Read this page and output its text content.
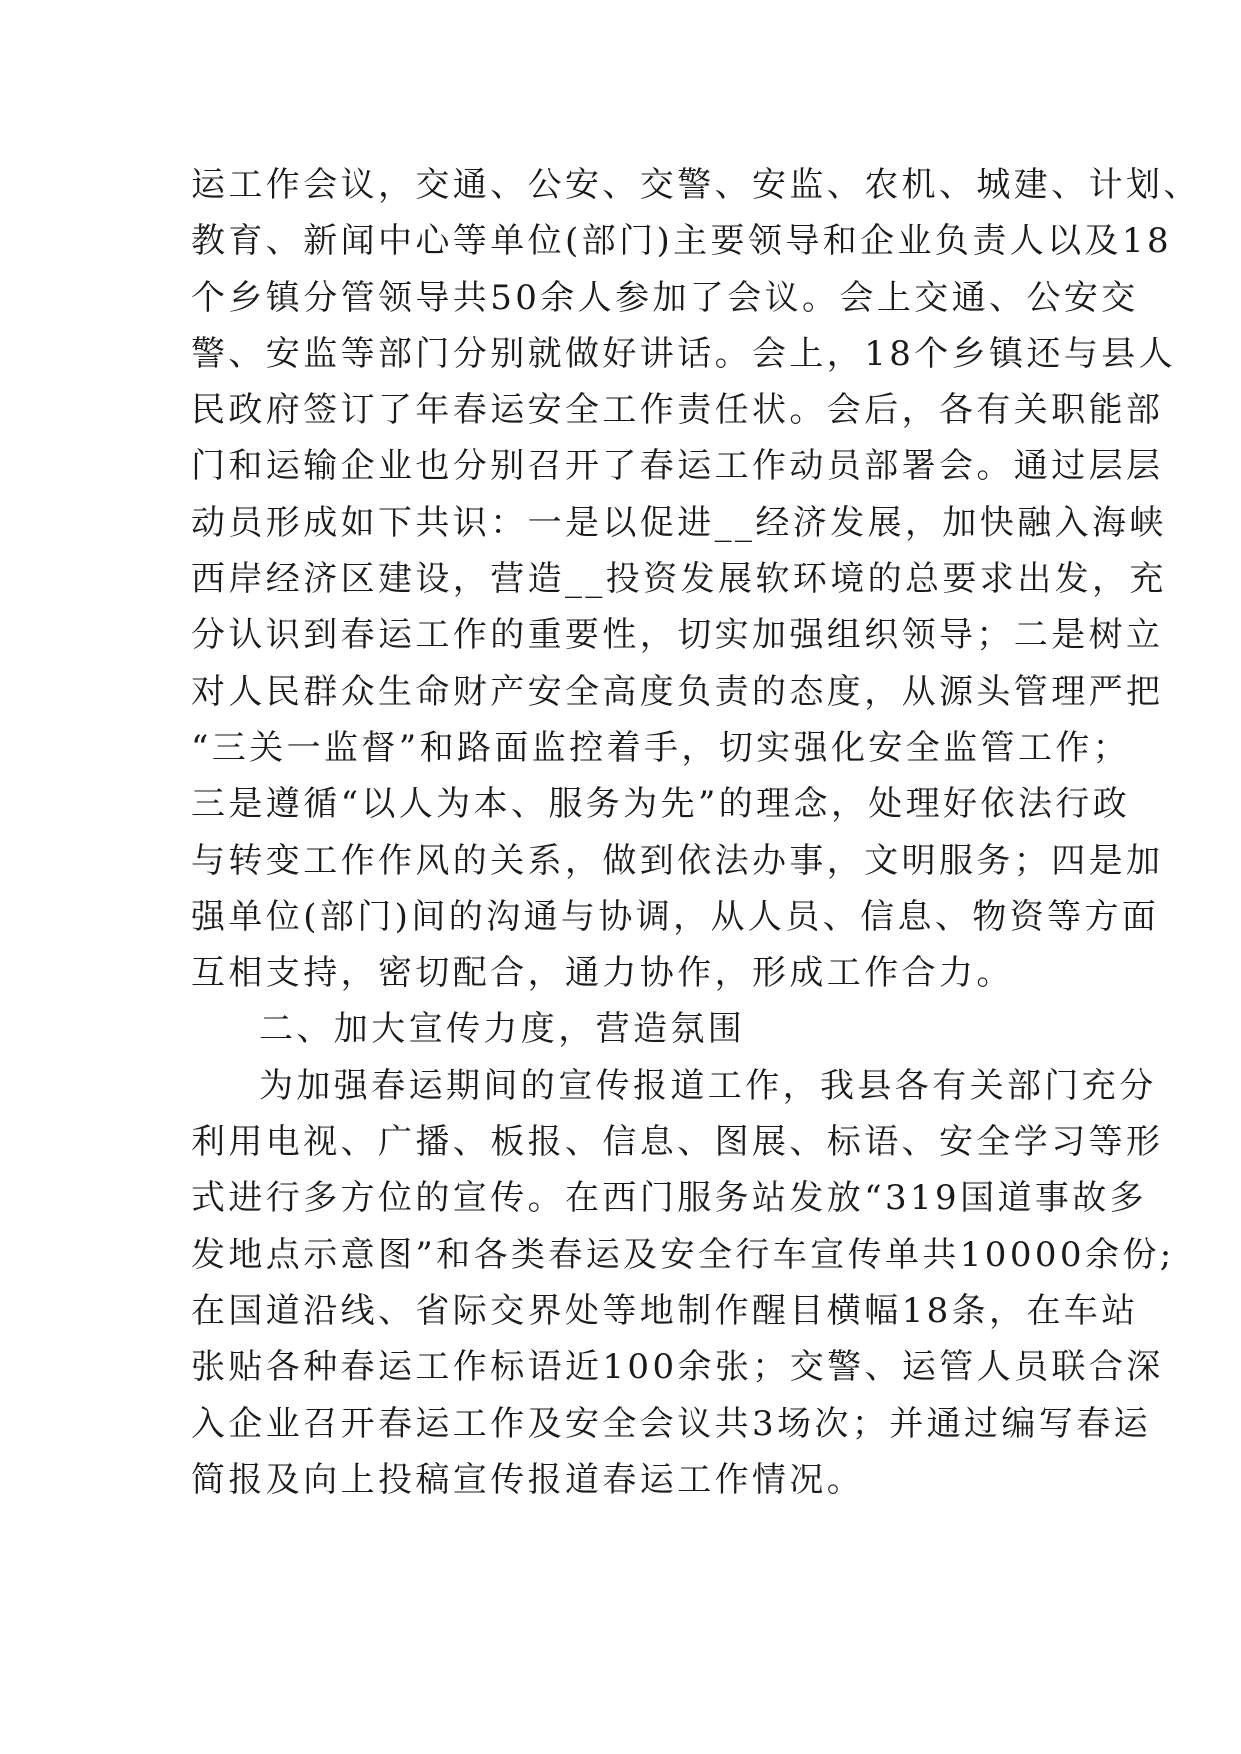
运工作会议，交通、公安、交警、安监、农机、城建、计划、
教育、新闻中心等单位(部门)主要领导和企业负责人以及18
个乡镇分管领导共50余人参加了会议。会上交通、公安交
警、安监等部门分别就做好讲话。会上，18个乡镇还与县人
民政府签订了年春运安全工作责任状。会后，各有关职能部
门和运输企业也分别召开了春运工作动员部署会。通过层层
动员形成如下共识：一是以促进__经济发展，加快融入海峡
西岸经济区建设，营造__投资发展软环境的总要求出发，充
分认识到春运工作的重要性，切实加强组织领导；二是树立
对人民群众生命财产安全高度负责的态度，从源头管理严把
“三关一监督”和路面监控着手，切实强化安全监管工作；
三是遵循“以人为本、服务为先”的理念，处理好依法行政
与转变工作作风的关系，做到依法办事，文明服务；四是加
强单位(部门)间的沟通与协调，从人员、信息、物资等方面
互相支持，密切配合，通力协作，形成工作合力。
二、加大宣传力度，营造氛围
为加强春运期间的宣传报道工作，我县各有关部门充分
利用电视、广播、板报、信息、图展、标语、安全学习等形
式进行多方位的宣传。在西门服务站发放“319国道事故多
发地点示意图”和各类春运及安全行车宣传单共10000余份;
在国道沿线、省际交界处等地制作醒目横幅18条，在车站
张贴各种春运工作标语近100余张；交警、运管人员联合深
入企业召开春运工作及安全会议共3场次；并通过编写春运
简报及向上投稿宣传报道春运工作情况。
